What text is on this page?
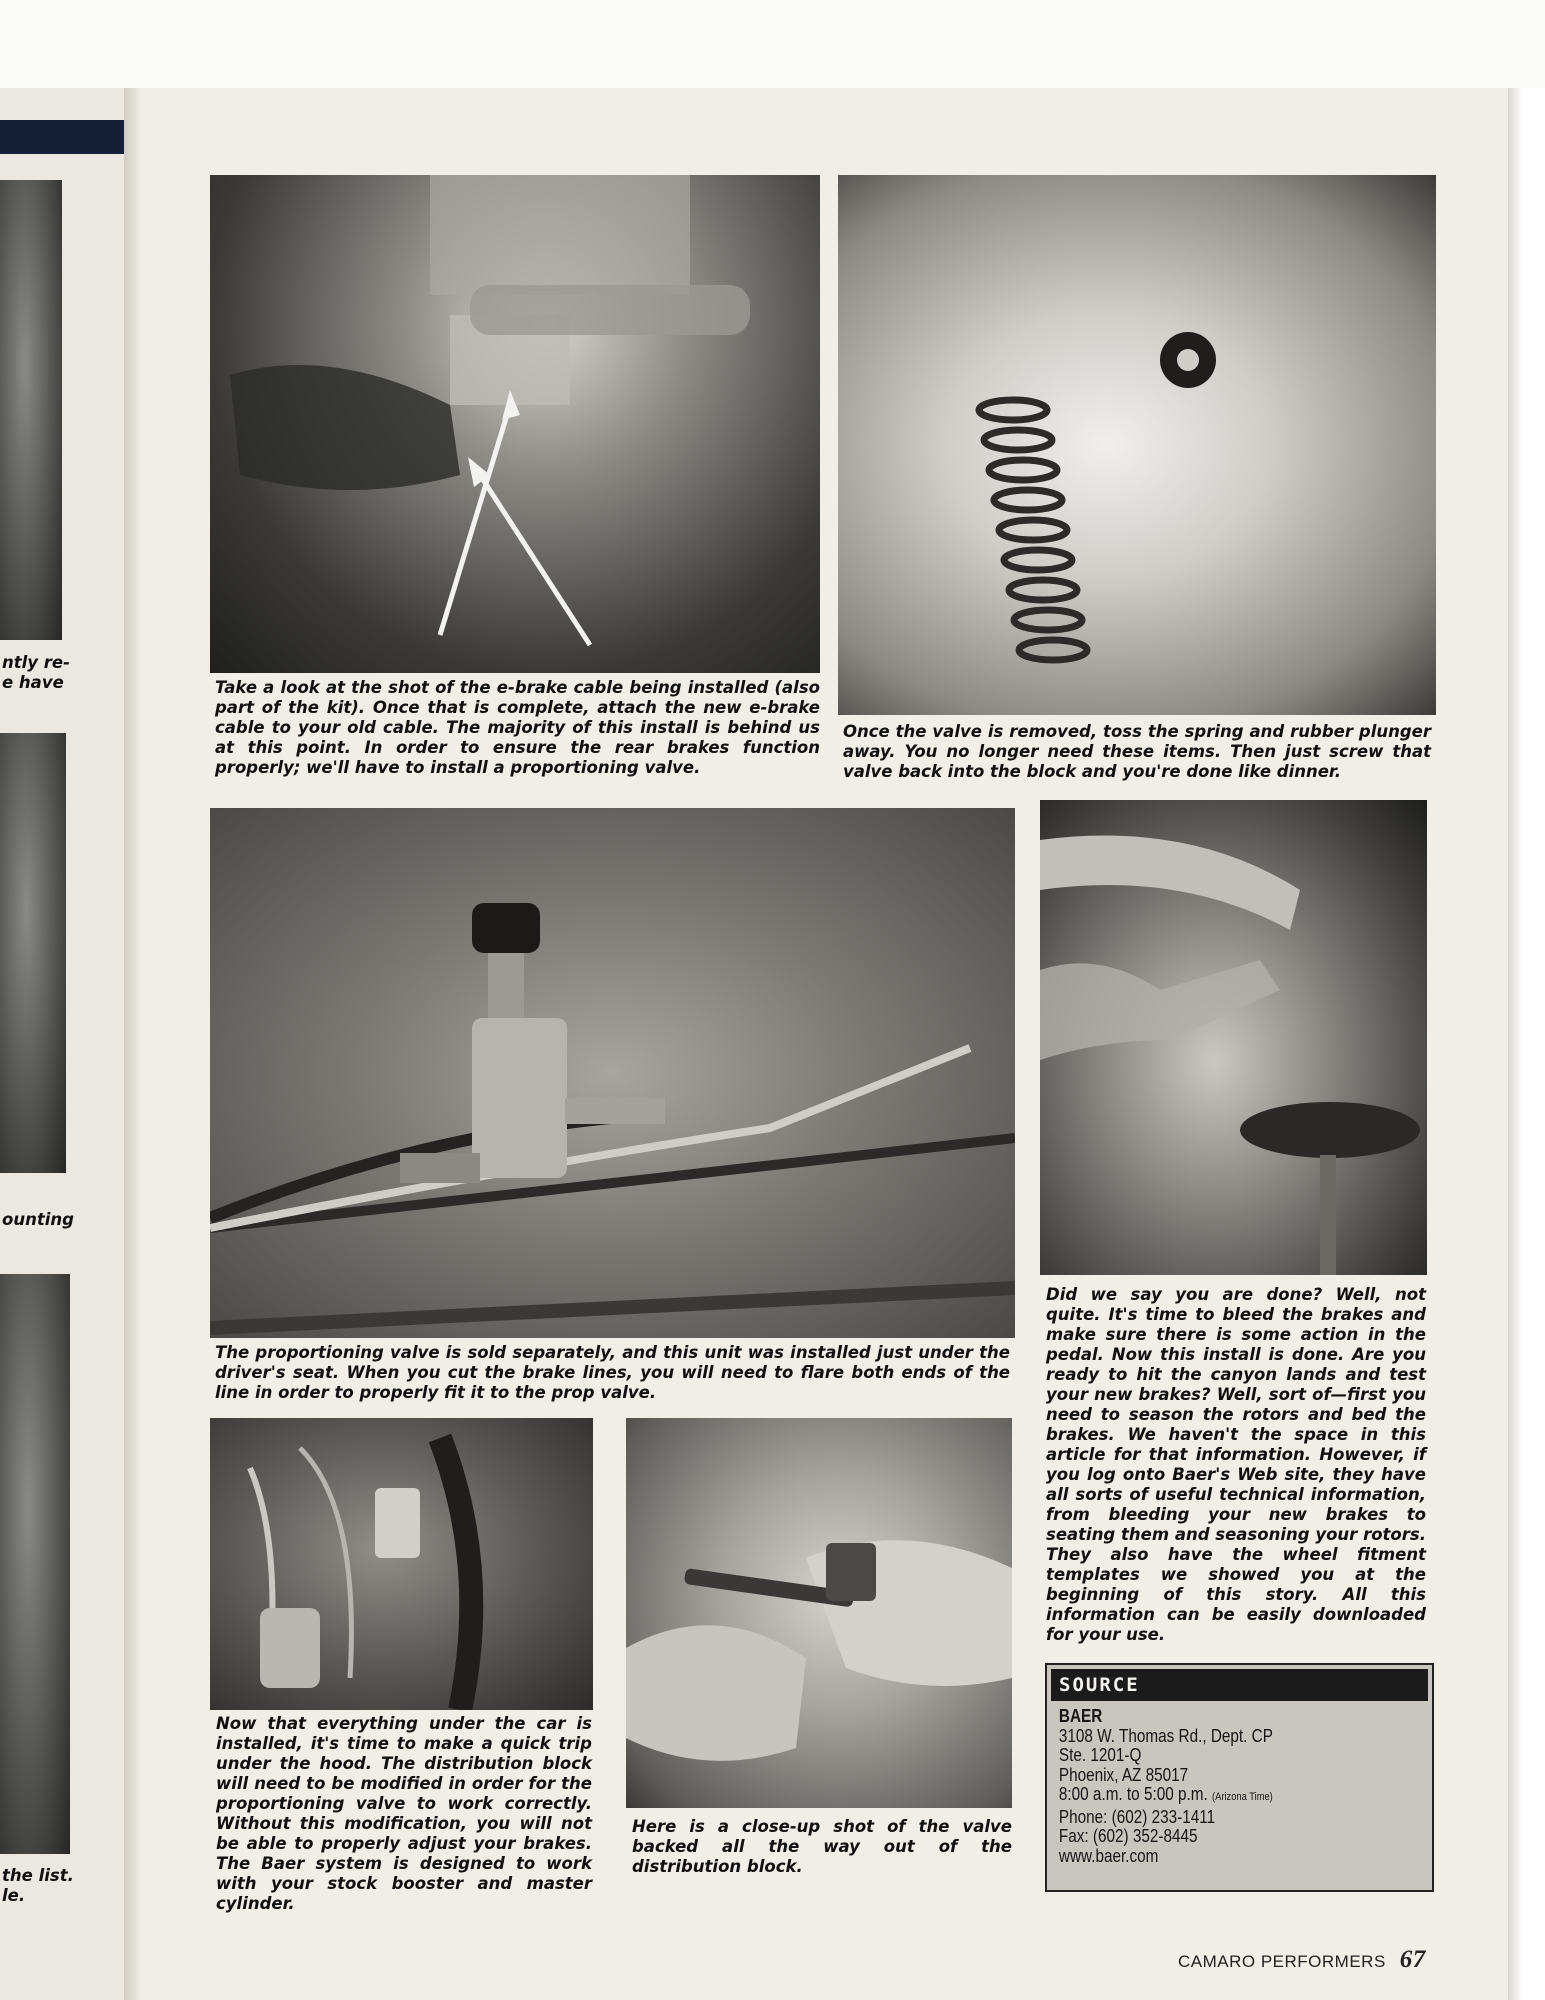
ntly re-
e have
ounting
the list.
le.

Take a look at the shot of the e-brake cable being installed (also part of the kit). Once that is complete, attach the new e-brake cable to your old cable. The majority of this install is behind us at this point. In order to ensure the rear brakes function properly; we'll have to install a proportioning valve.

Once the valve is removed, toss the spring and rubber plunger away. You no longer need these items. Then just screw that valve back into the block and you're done like dinner.

The proportioning valve is sold separately, and this unit was installed just under the driver's seat. When you cut the brake lines, you will need to flare both ends of the line in order to properly fit it to the prop valve.

Did we say you are done? Well, not quite. It's time to bleed the brakes and make sure there is some action in the pedal. Now this install is done. Are you ready to hit the canyon lands and test your new brakes? Well, sort of—first you need to season the rotors and bed the brakes. We haven't the space in this article for that information. However, if you log onto Baer's Web site, they have all sorts of useful technical information, from bleeding your new brakes to seating them and seasoning your rotors. They also have the wheel fitment templates we showed you at the beginning of this story. All this information can be easily downloaded for your use.

Now that everything under the car is installed, it's time to make a quick trip under the hood. The distribution block will need to be modified in order for the proportioning valve to work correctly. Without this modification, you will not be able to properly adjust your brakes. The Baer system is designed to work with your stock booster and master cylinder.

Here is a close-up shot of the valve backed all the way out of the distribution block.

SOURCE
BAER
3108 W. Thomas Rd., Dept. CP
Ste. 1201-Q
Phoenix, AZ 85017
8:00 a.m. to 5:00 p.m. (Arizona Time)
Phone: (602) 233-1411
Fax: (602) 352-8445
www.baer.com
CAMARO PERFORMERS 67
